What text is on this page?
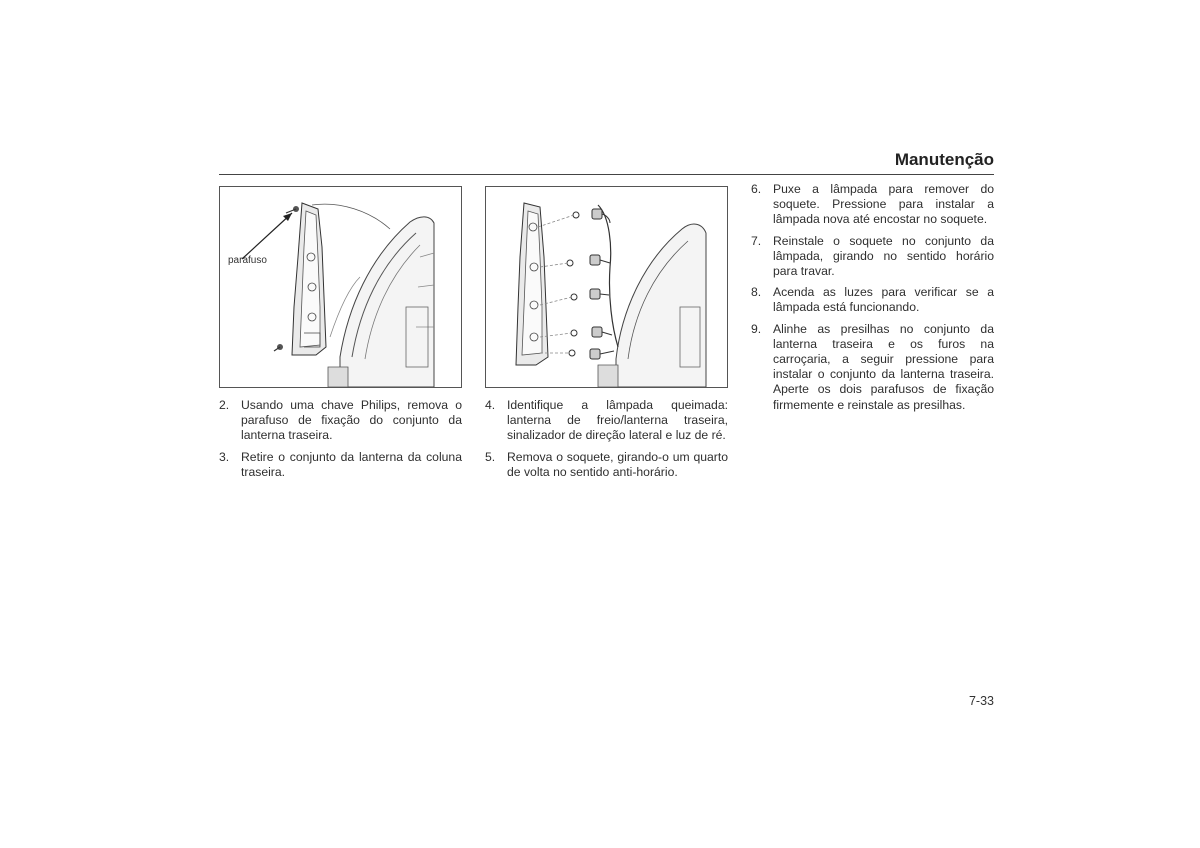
Manutenção
parafuso
2. Usando uma chave Philips, remova o parafuso de fixação do conjunto da lanterna traseira.
3. Retire o conjunto da lanterna da coluna traseira.
4. Identifique a lâmpada queimada: lanterna de freio/lanterna traseira, sinalizador de direção lateral e luz de ré.
5. Remova o soquete, girando-o um quarto de volta no sentido anti-horário.
6. Puxe a lâmpada para remover do soquete. Pressione para instalar a lâmpada nova até encostar no soquete.
7. Reinstale o soquete no conjunto da lâmpada, girando no sentido horário para travar.
8. Acenda as luzes para verificar se a lâmpada está funcionando.
9. Alinhe as presilhas no conjunto da lanterna traseira e os furos na carroçaria, a seguir pressione para instalar o conjunto da lanterna traseira. Aperte os dois parafusos de fixação firmemente e reinstale as presilhas.
7-33
